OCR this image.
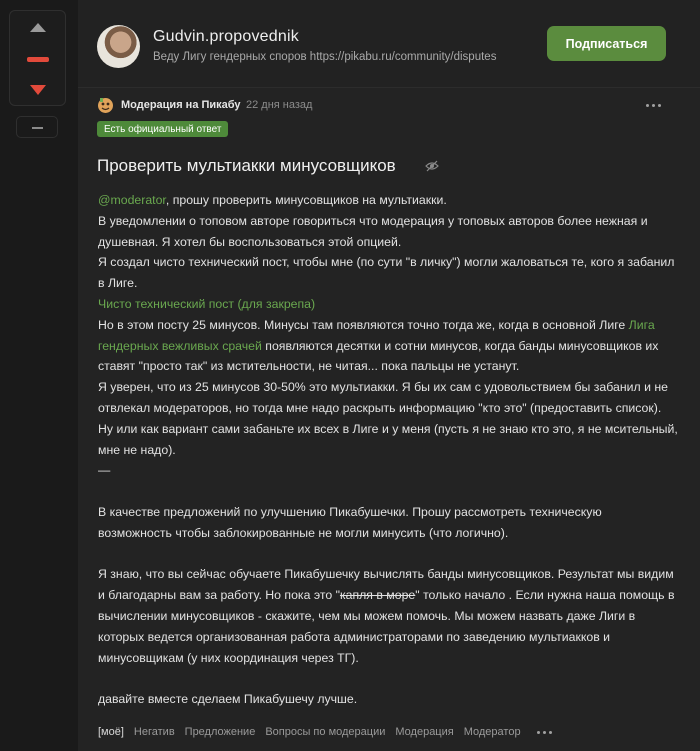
Gudvin.propovednik
Веду Лигу гендерных споров https://pikabu.ru/community/disputes
Подписаться
Модерация на Пикабу 22 дня назад
Есть официальный ответ
Проверить мультиакки минусовщиков
@moderator, прошу проверить минусовщиков на мультиакки.
В уведомлении о топовом авторе говориться что модерация у топовых авторов более нежная и душевная. Я хотел бы воспользоваться этой опцией.
Я создал чисто технический пост, чтобы мне (по сути "в личку") могли жаловаться те, кого я забанил в Лиге.
Чисто технический пост (для закрепа)
Но в этом посту 25 минусов. Минусы там появляются точно тогда же, когда в основной Лиге Лига гендерных вежливых срачей появляются десятки и сотни минусов, когда банды минусовщиков их ставят "просто так" из мстительности, не читая... пока пальцы не устанут.
Я уверен, что из 25 минусов 30-50% это мультиакки. Я бы их сам с удовольствием бы забанил и не отвлекал модераторов, но тогда мне надо раскрыть информацию "кто это" (предоставить список). Ну или как вариант сами забаньте их всех в Лиге и у меня (пусть я не знаю кто это, я не мсительный, мне не надо).
—
В качестве предложений по улучшению Пикабушечки. Прошу рассмотреть техническую возможность чтобы заблокированные не могли минусить (что логично).
Я знаю, что вы сейчас обучаете Пикабушечку вычислять банды минусовщиков. Результат мы видим и благодарны вам за работу. Но пока это "капля в море" только начало . Если нужна наша помощь в вычислении минусовщиков - скажите, чем мы можем помочь. Мы можем назвать даже Лиги в которых ведется организованная работа администраторами по заведению мультиакков и минусовщикам (у них координация через ТГ).
давайте вместе сделаем Пикабушечу лучше.
[моё] Негатив Предложение Вопросы по модерации Модерация Модератор
